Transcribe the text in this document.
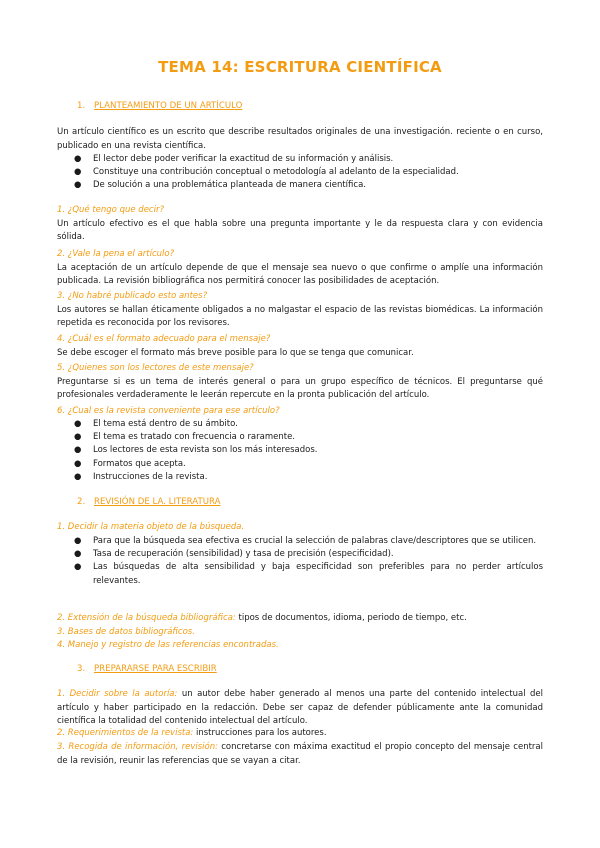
TEMA 14: ESCRITURA CIENTÍFICA
1. PLANTEAMIENTO DE UN ARTÍCULO

Un artículo científico es un escrito que describe resultados originales de una investigación. reciente o en curso, publicado en una revista científica.

● El lector debe poder verificar la exactitud de su información y análisis.
● Constituye una contribución conceptual o metodología al adelanto de la especialidad.
● De solución a una problemática planteada de manera científica.

1. ¿Qué tengo que decir?
Un artículo efectivo es el que habla sobre una pregunta importante y le da respuesta clara y con evidencia sólida.

2. ¿Vale la pena el artículo?
La aceptación de un artículo depende de que el mensaje sea nuevo o que confirme o amplíe una información publicada. La revisión bibliográfica nos permitirá conocer las posibilidades de aceptación.

3. ¿No habré publicado esto antes?
Los autores se hallan éticamente obligados a no malgastar el espacio de las revistas biomédicas. La información repetida es reconocida por los revisores.

4. ¿Cuál es el formato adecuado para el mensaje?
Se debe escoger el formato más breve posible para lo que se tenga que comunicar.

5. ¿Quienes son los lectores de este mensaje?
Preguntarse si es un tema de interés general o para un grupo específico de técnicos. El preguntarse qué profesionales verdaderamente le leerán repercute en la pronta publicación del artículo.

6. ¿Cual es la revista conveniente para ese artículo?

● El tema está dentro de su ámbito.
● El tema es tratado con frecuencia o raramente.
● Los lectores de esta revista son los más interesados.
● Formatos que acepta.
● Instrucciones de la revista.
2. REVISIÓN DE LA. LITERATURA

1. Decidir la materia objeto de la búsqueda.

● Para que la búsqueda sea efectiva es crucial la selección de palabras clave/descriptores que se utilicen.
● Tasa de recuperación (sensibilidad) y tasa de precisión (especificidad).
● Las búsquedas de alta sensibilidad y baja especificidad son preferibles para no perder artículos relevantes.

2. Extensión de la búsqueda bibliográfica: tipos de documentos, idioma, periodo de tiempo, etc.
3. Bases de datos bibliográficos.
4. Manejo y registro de las referencias encontradas.

3. PREPARARSE PARA ESCRIBIR

1. Decidir sobre la autoría: un autor debe haber generado al menos una parte del contenido intelectual del artículo y haber participado en la redacción. Debe ser capaz de defender públicamente ante la comunidad científica la totalidad del contenido intelectual del artículo.

2. Requerimientos de la revista: instrucciones para los autores.

3. Recogida de información, revisión: concretarse con máxima exactitud el propio concepto del mensaje central de la revisión, reunir las referencias que se vayan a citar.
